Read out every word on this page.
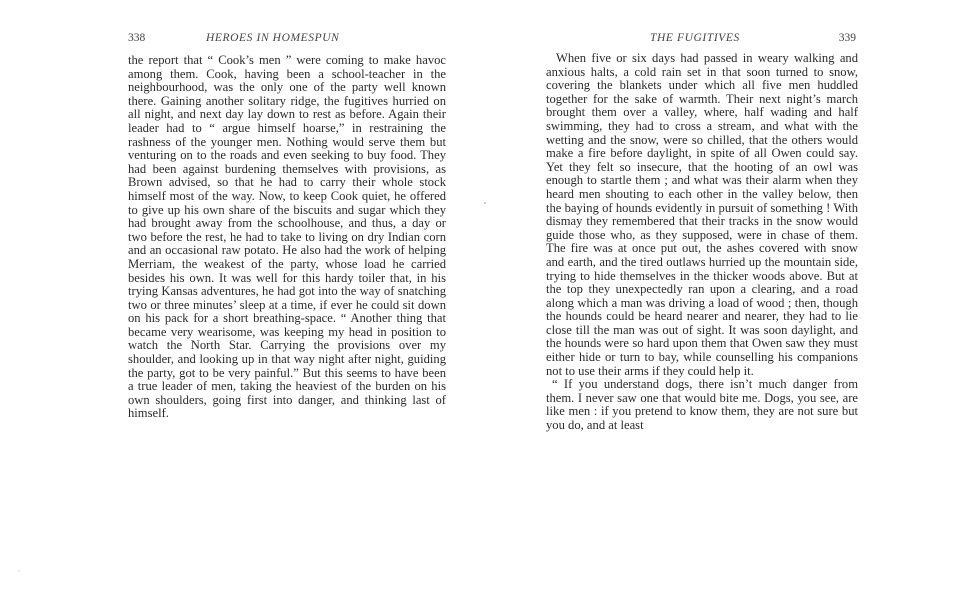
338	HEROES IN HOMESPUN

the report that “ Cook’s men ” were coming to make havoc among them. Cook, having been a school-teacher in the neighbourhood, was the only one of the party well known there. Gaining another solitary ridge, the fugitives hurried on all night, and next day lay down to rest as before. Again their leader had to “ argue himself hoarse,” in restraining the rashness of the younger men. Nothing would serve them but venturing on to the roads and even seeking to buy food. They had been against burdening themselves with provisions, as Brown advised, so that he had to carry their whole stock himself most of the way. Now, to keep Cook quiet, he offered to give up his own share of the biscuits and sugar which they had brought away from the schoolhouse, and thus, a day or two before the rest, he had to take to living on dry Indian corn and an occasional raw potato. He also had the work of helping Merriam, the weakest of the party, whose load he carried besides his own. It was well for this hardy toiler that, in his trying Kansas adventures, he had got into the way of snatching two or three minutes’ sleep at a time, if ever he could sit down on his pack for a short breathing-space. “ Another thing that became very wearisome, was keeping my head in position to watch the North Star. Carrying the provisions over my shoulder, and looking up in that way night after night, guiding the party, got to be very painful.” But this seems to have been a true leader of men, taking the heaviest of the burden on his own shoulders, going first into danger, and thinking last of himself.

THE FUGITIVES	339

When five or six days had passed in weary walking and anxious halts, a cold rain set in that soon turned to snow, covering the blankets under which all five men huddled together for the sake of warmth. Their next night’s march brought them over a valley, where, half wading and half swimming, they had to cross a stream, and what with the wetting and the snow, were so chilled, that the others would make a fire before daylight, in spite of all Owen could say. Yet they felt so insecure, that the hooting of an owl was enough to startle them ; and what was their alarm when they heard men shouting to each other in the valley below, then the baying of hounds evidently in pursuit of something ! With dismay they remembered that their tracks in the snow would guide those who, as they supposed, were in chase of them. The fire was at once put out, the ashes covered with snow and earth, and the tired outlaws hurried up the mountain side, trying to hide themselves in the thicker woods above. But at the top they unexpectedly ran upon a clearing, and a road along which a man was driving a load of wood ; then, though the hounds could be heard nearer and nearer, they had to lie close till the man was out of sight. It was soon daylight, and the hounds were so hard upon them that Owen saw they must either hide or turn to bay, while counselling his companions not to use their arms if they could help it.

“ If you understand dogs, there isn’t much danger from them. I never saw one that would bite me. Dogs, you see, are like men : if you pretend to know them, they are not sure but you do, and at least
